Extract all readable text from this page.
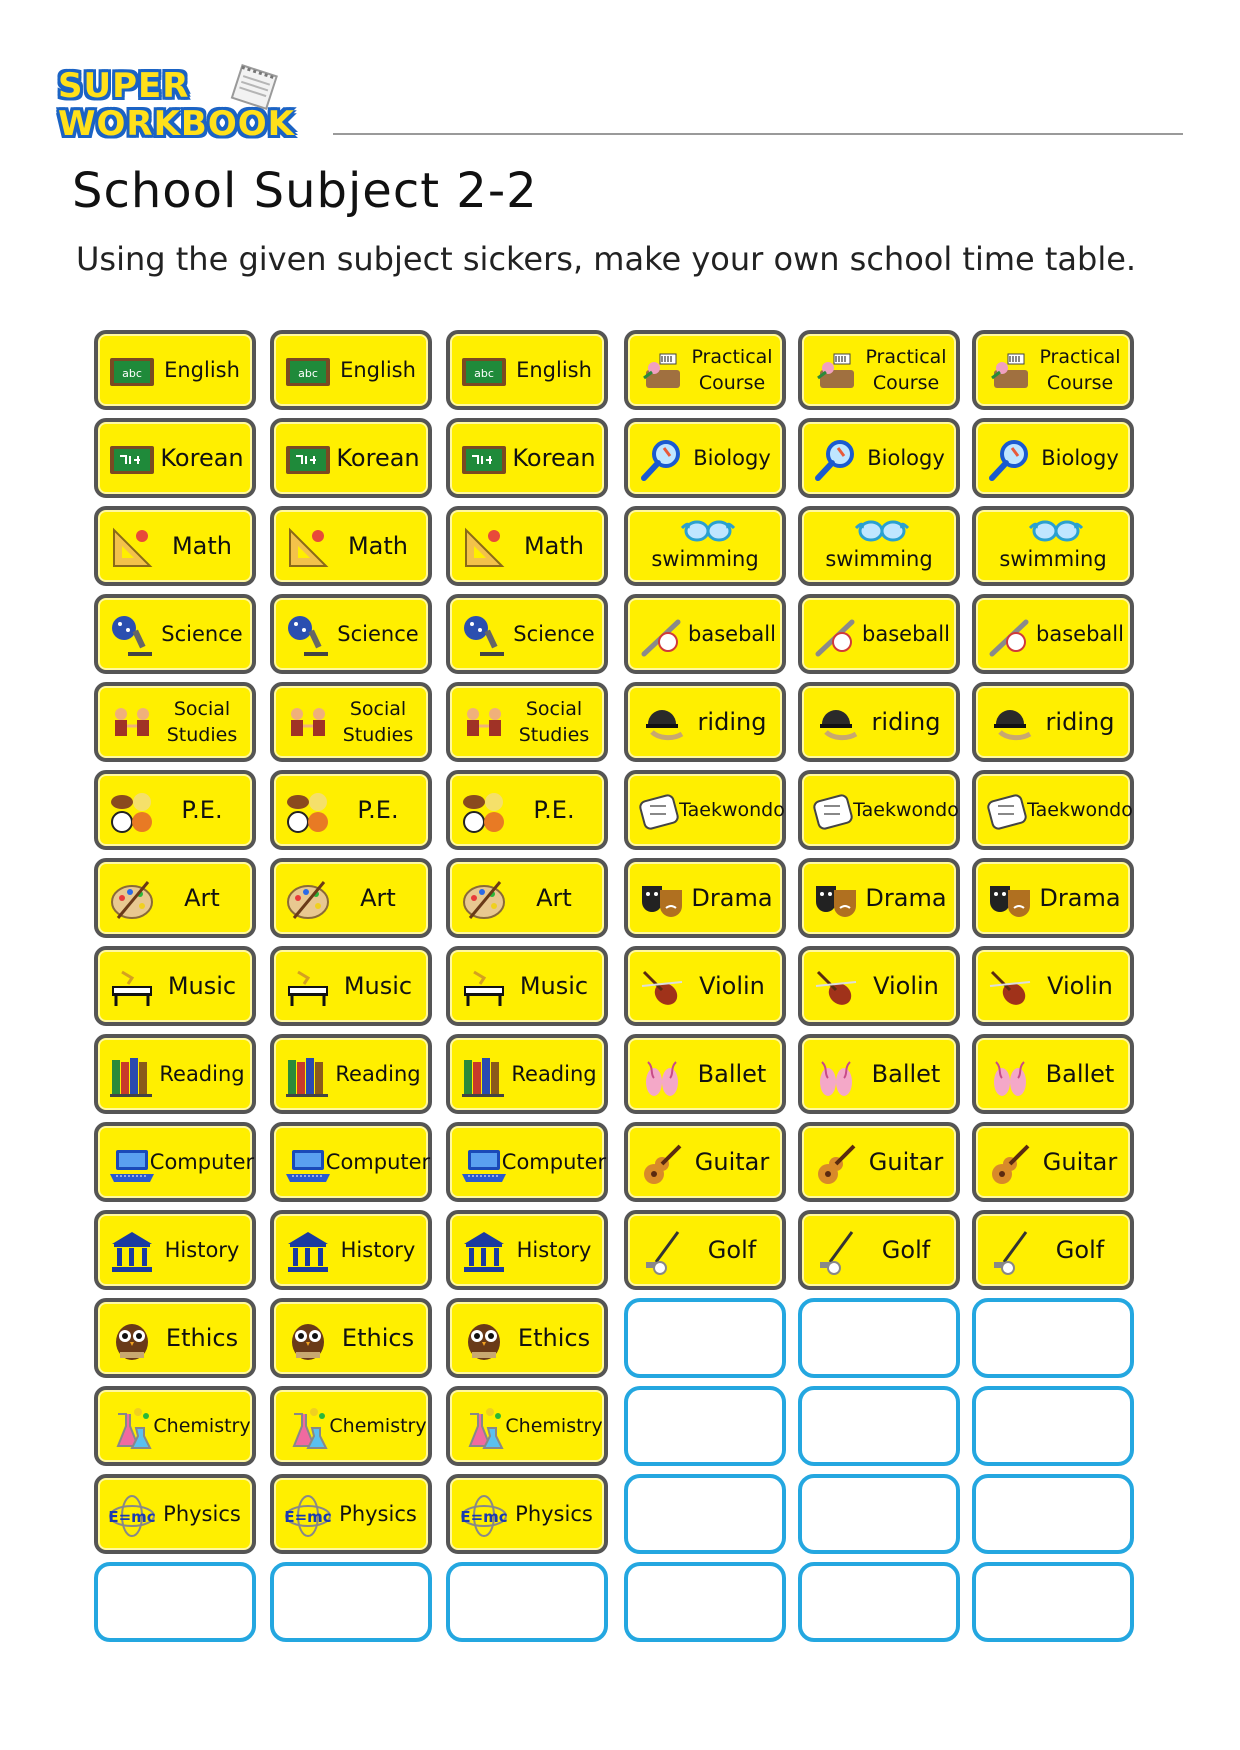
SUPER
WORKBOOK
School Subject 2-2
Using the given subject sickers, make your own school time table.
abc	English
Korean
Math
Science
Social Studies
P.E.
Art
Music
Reading
Computer
History
Ethics
Chemistry
E=mc Physics
abc	English
Korean
Math
Science
Social Studies
P.E.
Art
Music
Reading
Computer
History
Ethics
Chemistry
E=mc Physics
abc	English
Korean
Math
Science
Social Studies
P.E.
Art
Music
Reading
Computer
History
Ethics
Chemistry
E=mc Physics
Practical Course
Biology
swimming
baseball
riding
Taekwondo
Drama
Violin
Ballet
Guitar
Golf
Practical Course
Biology
swimming
baseball
riding
Taekwondo
Drama
Violin
Ballet
Guitar
Golf
Practical Course
Biology
swimming
baseball
riding
Taekwondo
Drama
Violin
Ballet
Guitar
Golf
